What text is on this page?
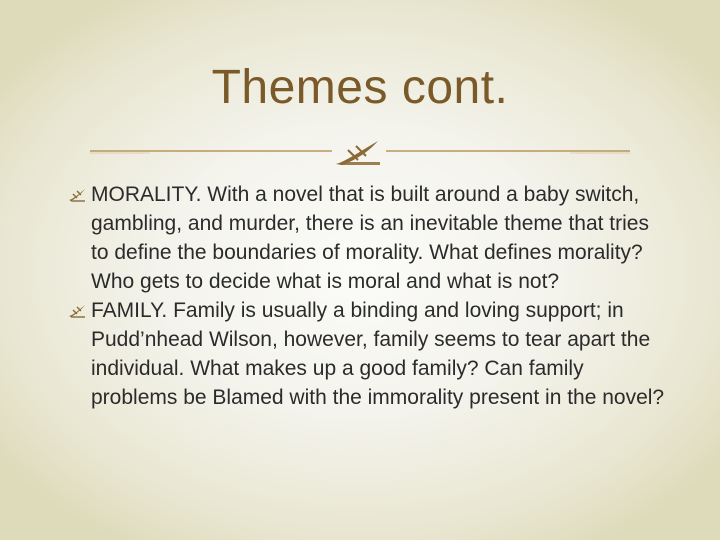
Themes cont.

MORALITY. With a novel that is built around a baby switch, gambling, and murder, there is an inevitable theme that tries to define the boundaries of morality. What defines morality? Who gets to decide what is moral and what is not?

FAMILY. Family is usually a binding and loving support; in Pudd’nhead Wilson, however, family seems to tear apart the individual. What makes up a good family? Can family problems be Blamed with the immorality present in the novel?
